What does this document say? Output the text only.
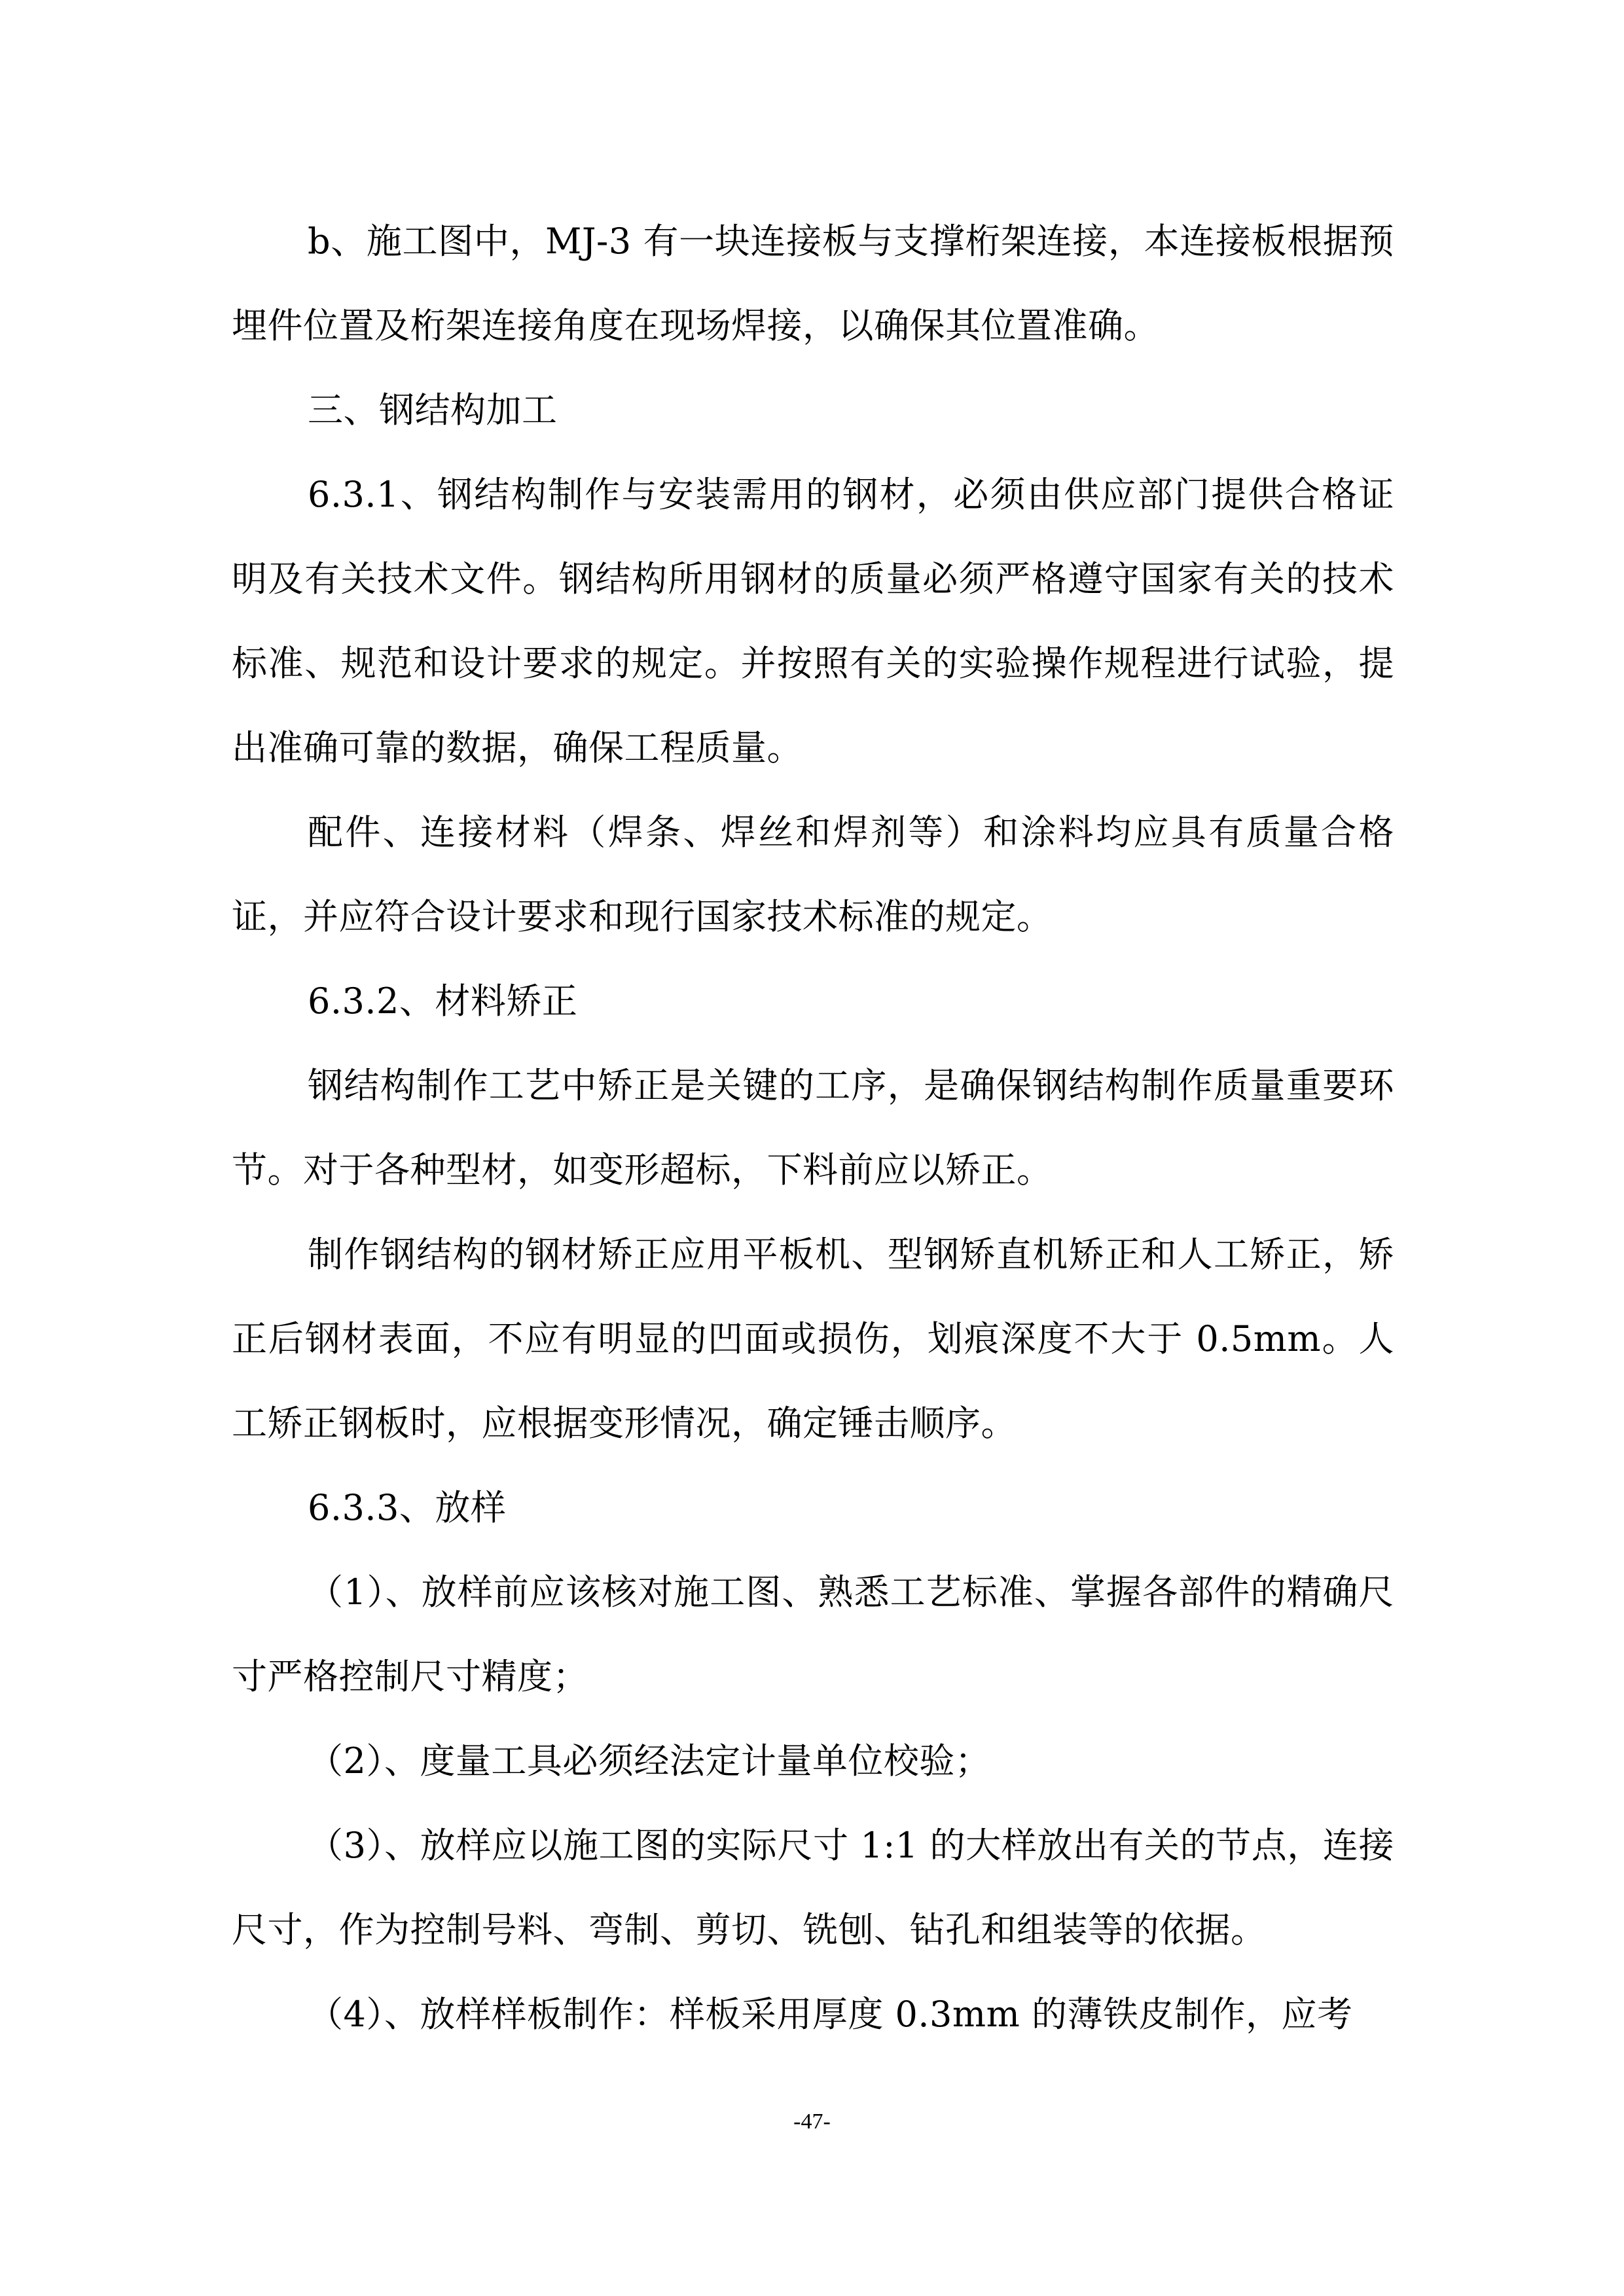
b、施工图中，MJ-3 有一块连接板与支撑桁架连接，本连接板根据预埋件位置及桁架连接角度在现场焊接，以确保其位置准确。

三、钢结构加工

6.3.1、钢结构制作与安装需用的钢材，必须由供应部门提供合格证明及有关技术文件。钢结构所用钢材的质量必须严格遵守国家有关的技术标准、规范和设计要求的规定。并按照有关的实验操作规程进行试验，提出准确可靠的数据，确保工程质量。

配件、连接材料（焊条、焊丝和焊剂等）和涂料均应具有质量合格证，并应符合设计要求和现行国家技术标准的规定。

6.3.2、材料矫正

钢结构制作工艺中矫正是关键的工序，是确保钢结构制作质量重要环节。对于各种型材，如变形超标，下料前应以矫正。

制作钢结构的钢材矫正应用平板机、型钢矫直机矫正和人工矫正，矫正后钢材表面，不应有明显的凹面或损伤，划痕深度不大于 0.5mm。人工矫正钢板时，应根据变形情况，确定锤击顺序。

6.3.3、放样

（1）、放样前应该核对施工图、熟悉工艺标准、掌握各部件的精确尺寸严格控制尺寸精度；

（2）、度量工具必须经法定计量单位校验；

（3）、放样应以施工图的实际尺寸 1:1 的大样放出有关的节点，连接尺寸，作为控制号料、弯制、剪切、铣刨、钻孔和组装等的依据。

（4）、放样样板制作：样板采用厚度 0.3mm 的薄铁皮制作，应考

-47-
